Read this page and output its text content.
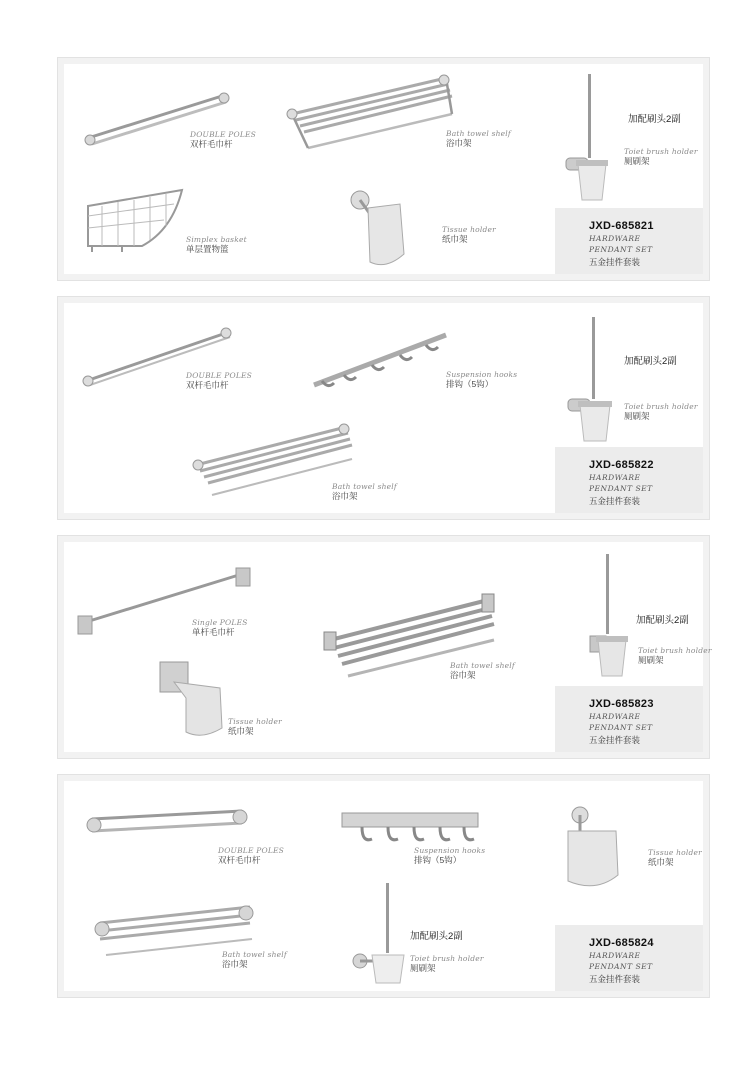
DOUBLE POLES
双杆毛巾杆
Bath towel shelf
浴巾架
加配刷头2副
Toiet brush holder
厕刷架
Simplex basket
单层置物篮
Tissue holder
纸巾架
JXD-685821
HARDWARE
PENDANT SET
五金挂件套装
DOUBLE POLES
双杆毛巾杆
Suspension hooks
排钩（5钩）
加配刷头2副
Toiet brush holder
厕刷架
Bath towel shelf
浴巾架
JXD-685822
HARDWARE
PENDANT SET
五金挂件套装
Single POLES
单杆毛巾杆
Bath towel shelf
浴巾架
加配刷头2副
Toiet brush holder
厕刷架
Tissue holder
纸巾架
JXD-685823
HARDWARE
PENDANT SET
五金挂件套装
DOUBLE POLES
双杆毛巾杆
Suspension hooks
排钩（5钩）
Tissue holder
纸巾架
Bath towel shelf
浴巾架
加配刷头2副
Toiet brush holder
厕刷架
JXD-685824
HARDWARE
PENDANT SET
五金挂件套装
